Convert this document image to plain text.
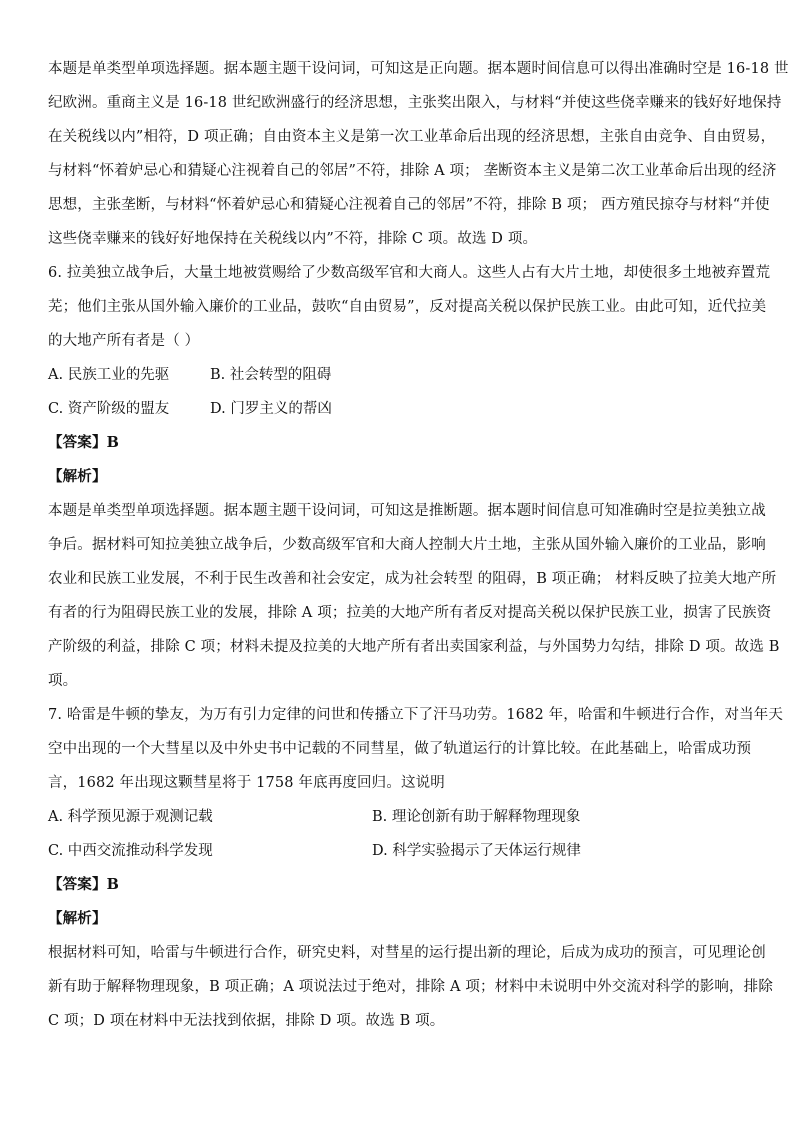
本题是单类型单项选择题。据本题主题干设问词，可知这是正向题。据本题时间信息可以得出准确时空是 16-18 世
纪欧洲。重商主义是 16-18 世纪欧洲盛行的经济思想，主张奖出限入，与材料“并使这些侥幸赚来的钱好好地保持
在关税线以内”相符，D 项正确；自由资本主义是第一次工业革命后出现的经济思想，主张自由竞争、自由贸易，
与材料“怀着妒忌心和猜疑心注视着自己的邻居”不符，排除 A 项； 垄断资本主义是第二次工业革命后出现的经济
思想，主张垄断，与材料“怀着妒忌心和猜疑心注视着自己的邻居”不符，排除 B 项； 西方殖民掠夺与材料“并使
这些侥幸赚来的钱好好地保持在关税线以内”不符，排除 C 项。故选 D 项。
6. 拉美独立战争后，大量土地被赏赐给了少数高级军官和大商人。这些人占有大片土地，却使很多土地被弃置荒
芜；他们主张从国外输入廉价的工业品，鼓吹“自由贸易”，反对提高关税以保护民族工业。由此可知，近代拉美
的大地产所有者是（ ）
A. 民族工业的先驱	B. 社会转型的阻碍
C. 资产阶级的盟友	D. 门罗主义的帮凶
【答案】B
【解析】
本题是单类型单项选择题。据本题主题干设问词，可知这是推断题。据本题时间信息可知准确时空是拉美独立战
争后。据材料可知拉美独立战争后，少数高级军官和大商人控制大片土地，主张从国外输入廉价的工业品，影响
农业和民族工业发展，不利于民生改善和社会安定，成为社会转型 的阻碍，B 项正确； 材料反映了拉美大地产所
有者的行为阻碍民族工业的发展，排除 A 项；拉美的大地产所有者反对提高关税以保护民族工业，损害了民族资
产阶级的利益，排除 C 项；材料未提及拉美的大地产所有者出卖国家利益，与外国势力勾结，排除 D 项。故选 B
项。
7. 哈雷是牛顿的挚友，为万有引力定律的问世和传播立下了汗马功劳。1682 年，哈雷和牛顿进行合作，对当年天
空中出现的一个大彗星以及中外史书中记载的不同彗星，做了轨道运行的计算比较。在此基础上，哈雷成功预
言，1682 年出现这颗彗星将于 1758 年底再度回归。这说明
A. 科学预见源于观测记载	B. 理论创新有助于解释物理现象
C. 中西交流推动科学发现	D. 科学实验揭示了天体运行规律
【答案】B
【解析】
根据材料可知，哈雷与牛顿进行合作，研究史料，对彗星的运行提出新的理论，后成为成功的预言，可见理论创
新有助于解释物理现象，B 项正确；A 项说法过于绝对，排除 A 项；材料中未说明中外交流对科学的影响，排除
C 项；D 项在材料中无法找到依据，排除 D 项。故选 B 项。
